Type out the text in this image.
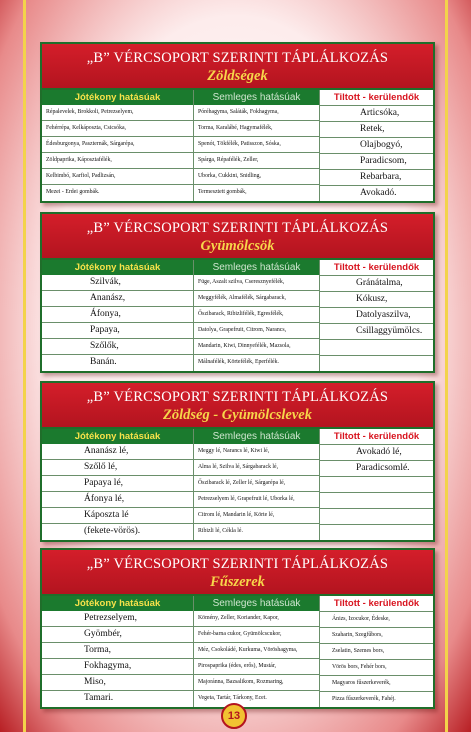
„B” VÉRCSOPORT SZERINTI TÁPLÁLKOZÁS
Zöldségek
Jótékony hatásúak
Répalevelek, Brokkoli, Petrezselyem,
Fehérrépa, Kelkáposzta, Csicsóka,
Édesburgonya, Paszternák, Sárgarépa,
Zöldpaprika, Káposztafélék,
Kelbimbó, Karfiol, Padlizsán,
Mezei - Erdei gombák.
Semleges hatásúak
Póréhagyma, Saláták, Fokhagyma,
Torma, Karalábé, Hagymafélék,
Spenót, Tökfélék, Patisszon, Sóska,
Spárga, Répafélék, Zeller,
Uborka, Cukkini, Snidling,
Termesztett gombák,
Tiltott - kerülendők
Articsóka,
Retek,
Olajbogyó,
Paradicsom,
Rebarbara,
Avokadó.
„B” VÉRCSOPORT SZERINTI TÁPLÁLKOZÁS
Gyümölcsök
Jótékony hatásúak
Szilvák,
Ananász,
Áfonya,
Papaya,
Szőlők,
Banán.
Semleges hatásúak
Füge, Aszalt szilva, Cseresznyefélék,
Meggyfélék, Almafélék, Sárgabarack,
Őszibarack, Ribizlifélék, Egresfélék,
Datolya, Grapefruit, Citrom, Narancs,
Mandarin, Kiwi, Dinnyefélék, Mazsola,
Málnafélék, Körtefélék, Eperfélék.
Tiltott - kerülendők
Gránátalma,
Kókusz,
Datolyaszilva,
Csillaggyümölcs.
„B” VÉRCSOPORT SZERINTI TÁPLÁLKOZÁS
Zöldség - Gyümölcslevek
Jótékony hatásúak
Ananász lé,
Szőlő lé,
Papaya lé,
Áfonya lé,
Káposzta lé
(fekete-vörös).
Semleges hatásúak
Meggy lé, Narancs lé, Kiwi lé,
Alma lé, Szilva lé, Sárgabarack lé,
Őszibarack lé, Zeller lé, Sárgarépa lé,
Petrezselyem lé, Grapefruit lé, Uborka lé,
Citrom lé, Mandarin lé, Körte lé,
Ribizli lé, Cékla lé.
Tiltott - kerülendők
Avokadó lé,
Paradicsomlé.
„B” VÉRCSOPORT SZERINTI TÁPLÁLKOZÁS
Fűszerek
Jótékony hatásúak
Petrezselyem,
Gyömbér,
Torma,
Fokhagyma,
Miso,
Tamari.
Semleges hatásúak
Kömény, Zeller, Koriander, Kapor,
Fehér-barna cukor, Gyümölcscukor,
Méz, Csokoládé, Kurkuma, Vöröshagyma,
Pirospaprika (édes, erős), Mustár,
Majoránna, Bazsalikom, Rozmaring,
Vegeta, Tartár, Tárkony, Ecet.
Tiltott - kerülendők
Ánizs, Izocukor, Édeske,
Szaharin, Szegfűbors,
Zselatin, Szemes bors,
Vörös bors, Fehér bors,
Magyaros fűszerkeverék,
Pizza fűszerkeverék, Fahéj.
13
